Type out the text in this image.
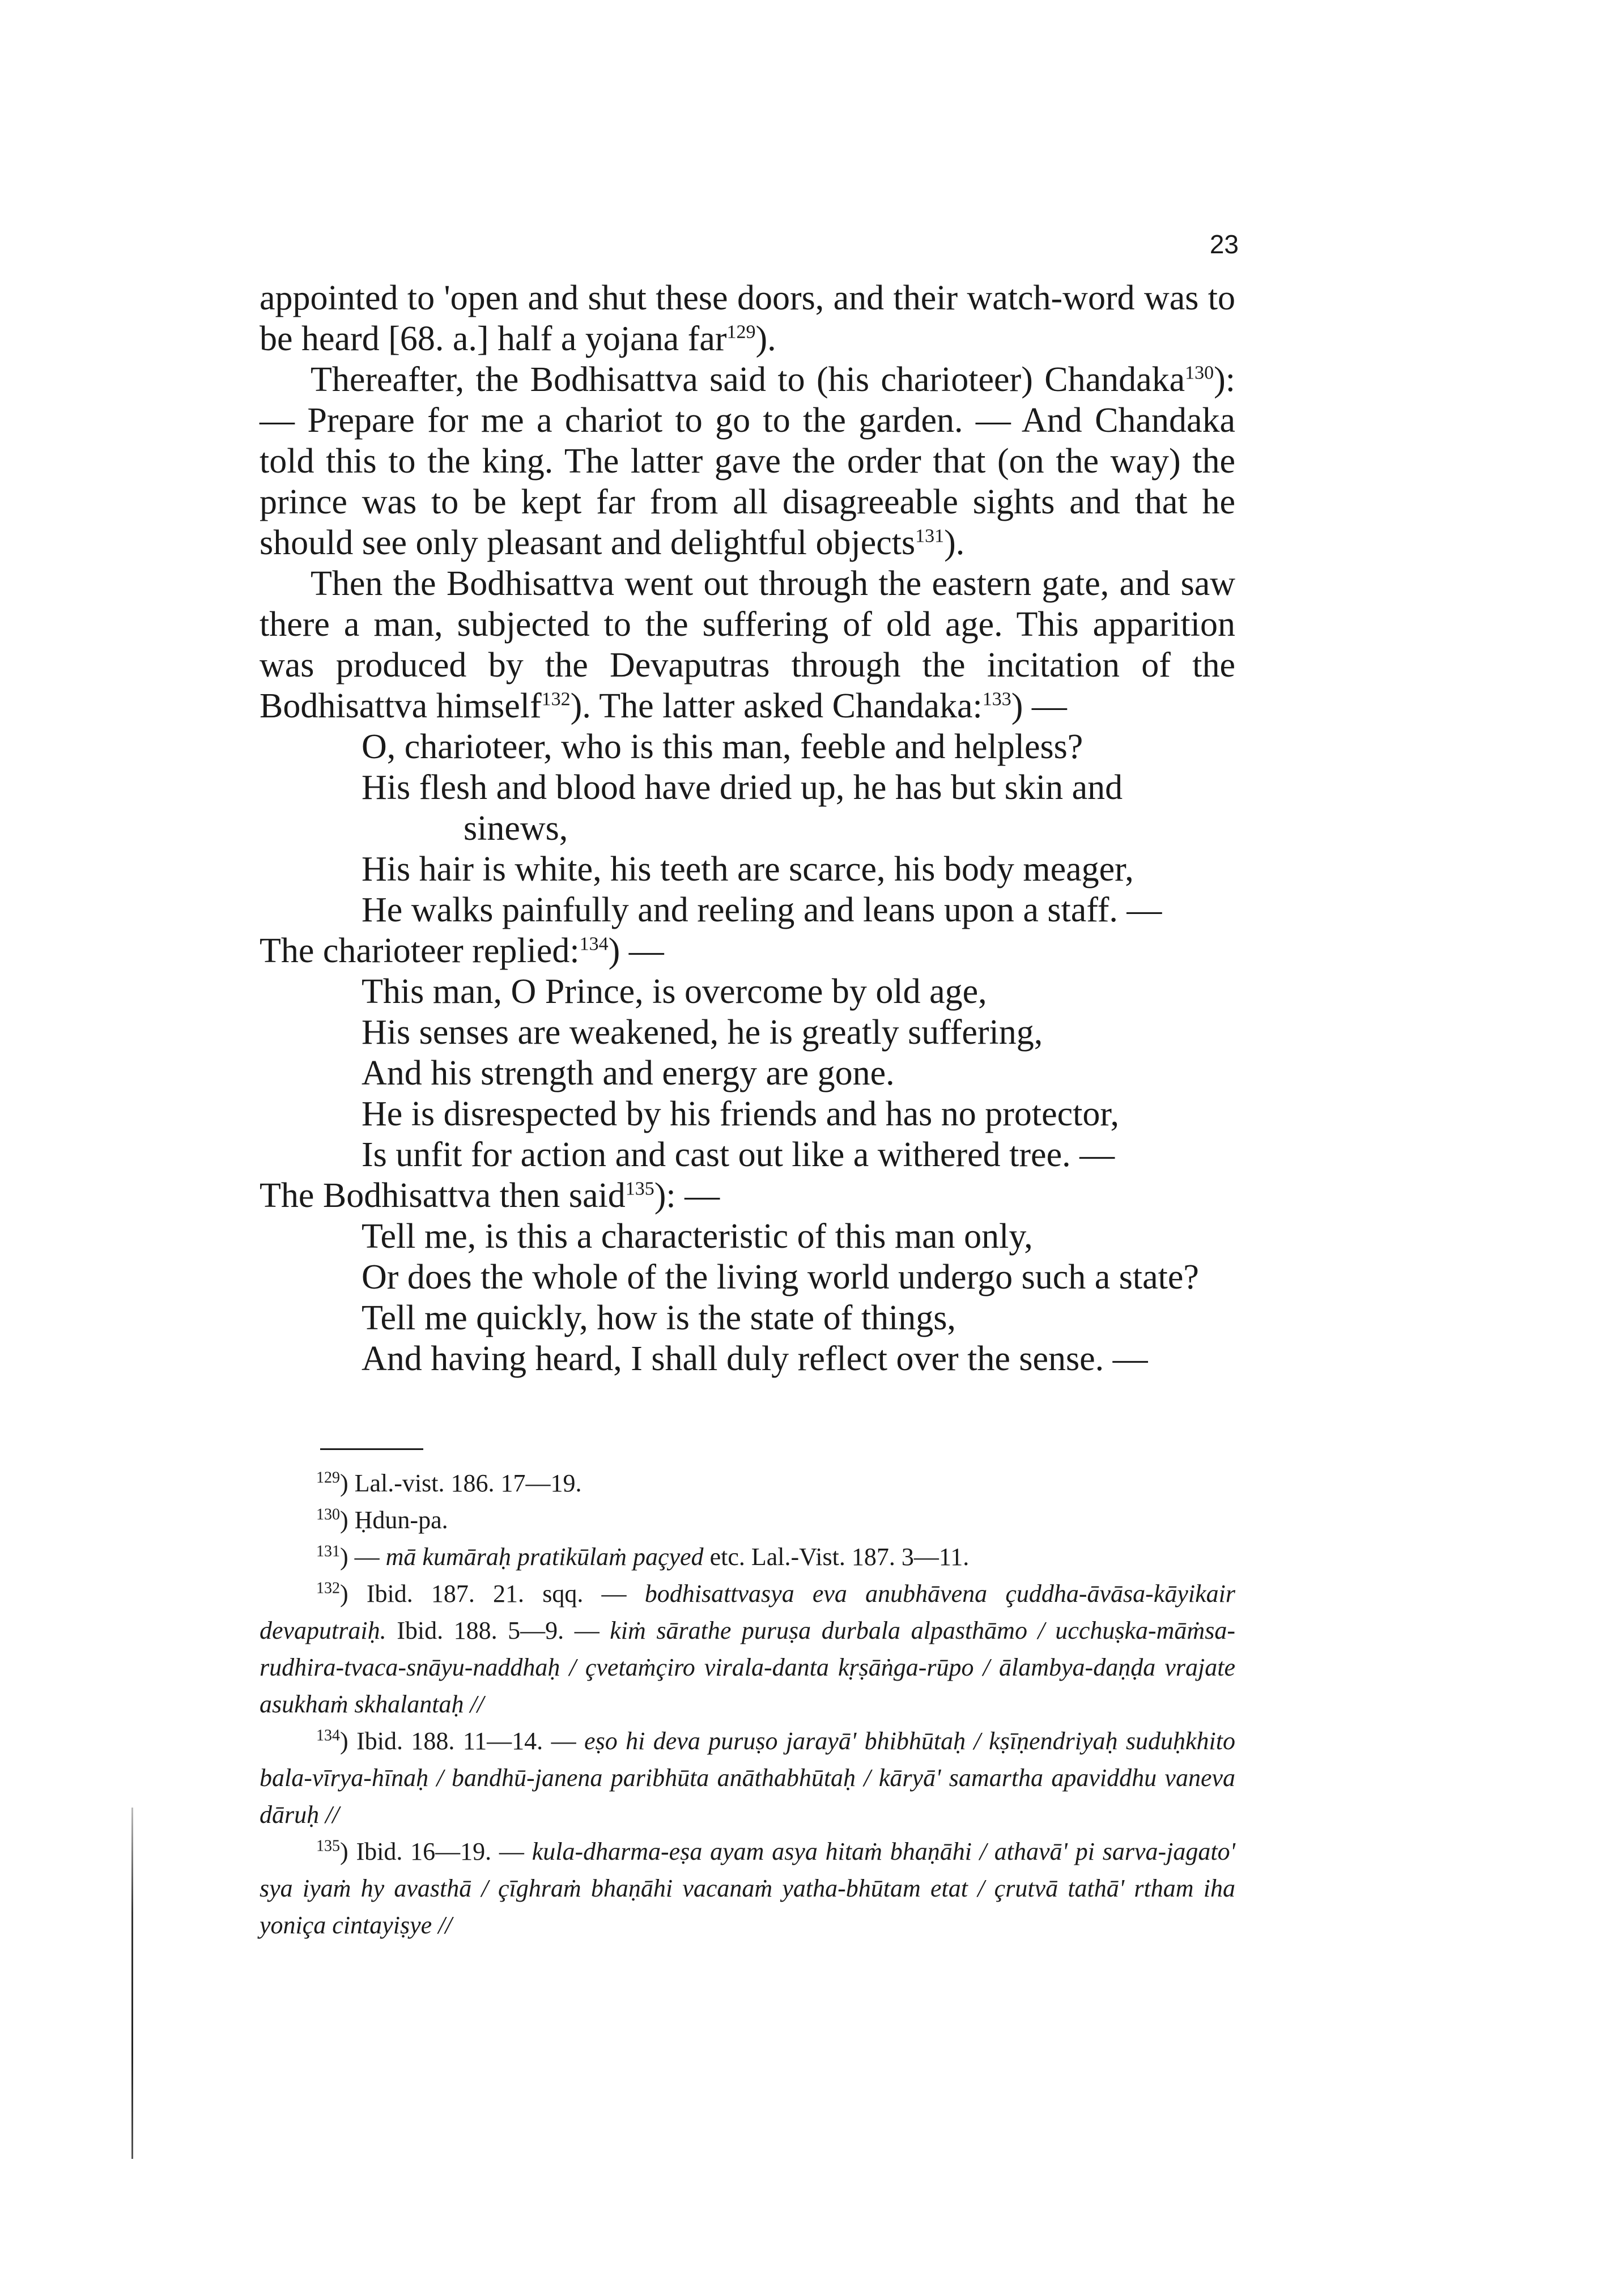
23

appointed to 'open and shut these doors, and their watch-word was to be heard [68. a.] half a yojana far$^{129}$).

Thereafter, the Bodhisattva said to (his charioteer) Chandaka$^{130}$): — Prepare for me a chariot to go to the garden. — And Chandaka told this to the king. The latter gave the order that (on the way) the prince was to be kept far from all disagreeable sights and that he should see only pleasant and delightful objects$^{131}$).

Then the Bodhisattva went out through the eastern gate, and saw there a man, subjected to the suffering of old age. This apparition was produced by the Devaputras through the incitation of the Bodhisattva himself$^{132}$). The latter asked Chandaka:$^{133}$) —

O, charioteer, who is this man, feeble and helpless?
His flesh and blood have dried up, he has but skin and
sinews,
His hair is white, his teeth are scarce, his body meager,
He walks painfully and reeling and leans upon a staff. —

The charioteer replied:$^{134}$) —

This man, O Prince, is overcome by old age,
His senses are weakened, he is greatly suffering,
And his strength and energy are gone.
He is disrespected by his friends and has no protector,
Is unfit for action and cast out like a withered tree. —

The Bodhisattva then said$^{135}$): —

Tell me, is this a characteristic of this man only,
Or does the whole of the living world undergo such a state?
Tell me quickly, how is the state of things,
And having heard, I shall duly reflect over the sense. —

$^{129}$) Lal.-vist. 186. 17—19.

$^{130}$) Ḥdun-pa.

$^{131}$) — mā kumāraḥ pratikūlaṁ paçyed etc. Lal.-Vist. 187. 3—11.

$^{132}$) Ibid. 187. 21. sqq. — bodhisattvasya eva anubhāvena çuddha-āvāsa-kāyikair devaputraiḥ. Ibid. 188. 5—9. — kiṁ sārathe puruṣa durbala alpasthāmo / ucchuṣka-māṁsa-rudhira-tvaca-snāyu-naddhaḥ / çvetaṁçiro virala-danta kṛṣāṅga-rūpo / ālambya-daṇḍa vrajate asukhaṁ skhalantaḥ //

$^{134}$) Ibid. 188. 11—14. — eṣo hi deva puruṣo jarayā' bhibhūtaḥ / kṣīṇendriyaḥ suduḥkhito bala-vīrya-hīnaḥ / bandhū-janena paribhūta anāthabhūtaḥ / kāryā' samartha apaviddhu vaneva dāruḥ //

$^{135}$) Ibid. 16—19. — kula-dharma-eṣa ayam asya hitaṁ bhaṇāhi / athavā' pi sarva-jagato' sya iyaṁ hy avasthā / çīghraṁ bhaṇāhi vacanaṁ yatha-bhūtam etat / çrutvā tathā' rtham iha yoniça cintayiṣye //
